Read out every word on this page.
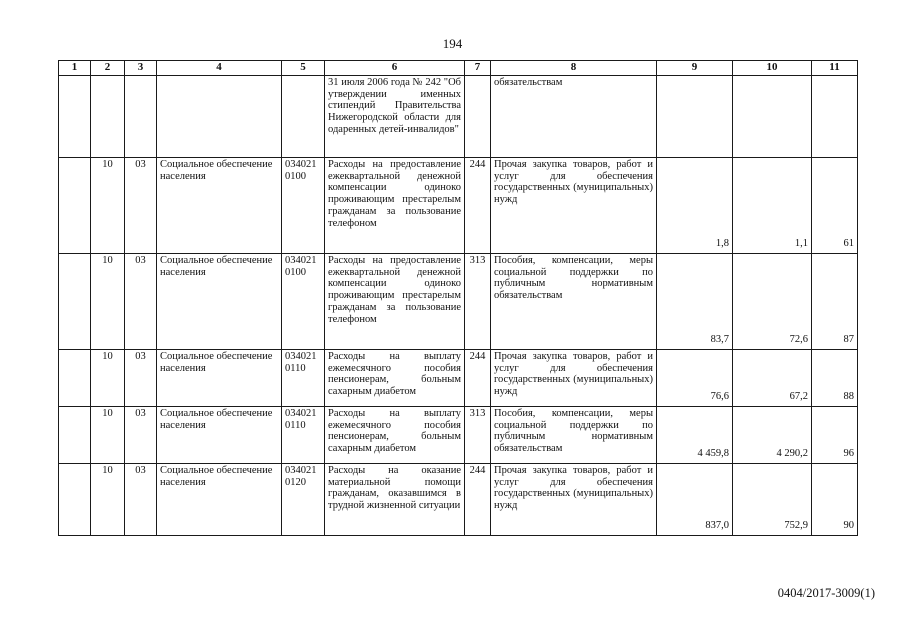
194
1	2	3	4	5	6	7	8	9	10	11
					31 июля 2006 года № 242 "Об утверждении именных стипендий Правительства Нижегородской области для одаренных детей-инвалидов"		обязательствам			
	10	03	Социальное обеспечение населения	034021 0100	Расходы на предоставление ежеквартальной денежной компенсации одиноко проживающим престарелым гражданам за пользование телефоном	244	Прочая закупка товаров, работ и услуг для обеспечения государственных (муниципальных) нужд	1,8	1,1	61
	10	03	Социальное обеспечение населения	034021 0100	Расходы на предоставление ежеквартальной денежной компенсации одиноко проживающим престарелым гражданам за пользование телефоном	313	Пособия, компенсации, меры социальной поддержки по публичным нормативным обязательствам	83,7	72,6	87
	10	03	Социальное обеспечение населения	034021 0110	Расходы на выплату ежемесячного пособия пенсионерам, больным сахарным диабетом	244	Прочая закупка товаров, работ и услуг для обеспечения государственных (муниципальных) нужд	76,6	67,2	88
	10	03	Социальное обеспечение населения	034021 0110	Расходы на выплату ежемесячного пособия пенсионерам, больным сахарным диабетом	313	Пособия, компенсации, меры социальной поддержки по публичным нормативным обязательствам	4 459,8	4 290,2	96
	10	03	Социальное обеспечение населения	034021 0120	Расходы на оказание материальной помощи гражданам, оказавшимся в трудной жизненной ситуации	244	Прочая закупка товаров, работ и услуг для обеспечения государственных (муниципальных) нужд	837,0	752,9	90
0404/2017-3009(1)
